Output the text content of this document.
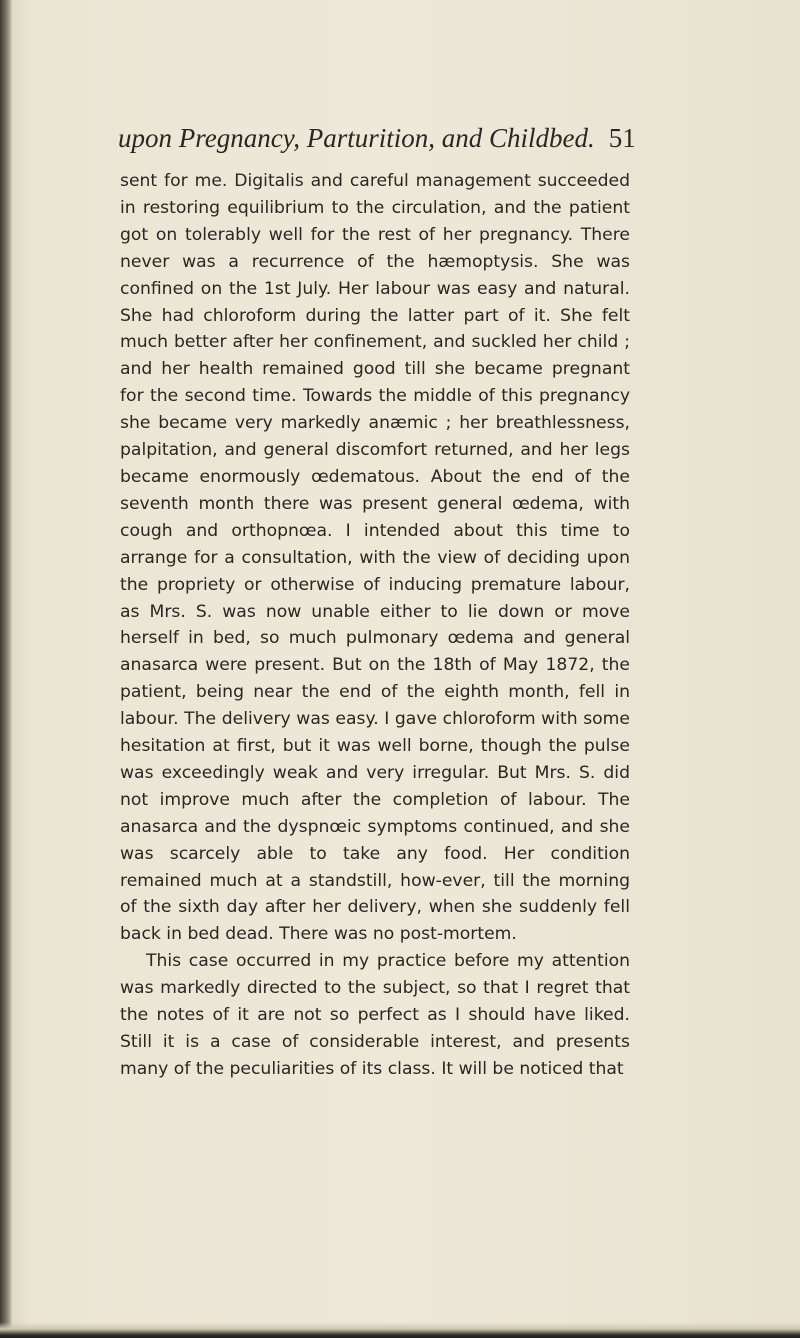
upon Pregnancy, Parturition, and Childbed. 51

sent for me. Digitalis and careful management succeeded in restoring equilibrium to the circulation, and the patient got on tolerably well for the rest of her pregnancy. There never was a recurrence of the hæmoptysis. She was confined on the 1st July. Her labour was easy and natural. She had chloroform during the latter part of it. She felt much better after her confinement, and suckled her child ; and her health remained good till she became pregnant for the second time. Towards the middle of this pregnancy she became very markedly anæmic ; her breathlessness, palpitation, and general discomfort returned, and her legs became enormously œdematous. About the end of the seventh month there was present general œdema, with cough and orthopnœa. I intended about this time to arrange for a consultation, with the view of deciding upon the propriety or otherwise of inducing premature labour, as Mrs. S. was now unable either to lie down or move herself in bed, so much pulmonary œdema and general anasarca were present. But on the 18th of May 1872, the patient, being near the end of the eighth month, fell in labour. The delivery was easy. I gave chloroform with some hesitation at first, but it was well borne, though the pulse was exceedingly weak and very irregular. But Mrs. S. did not improve much after the completion of labour. The anasarca and the dyspnœic symptoms continued, and she was scarcely able to take any food. Her condition remained much at a standstill, how-ever, till the morning of the sixth day after her delivery, when she suddenly fell back in bed dead. There was no post-mortem.

This case occurred in my practice before my attention was markedly directed to the subject, so that I regret that the notes of it are not so perfect as I should have liked. Still it is a case of considerable interest, and presents many of the peculiarities of its class. It will be noticed that
